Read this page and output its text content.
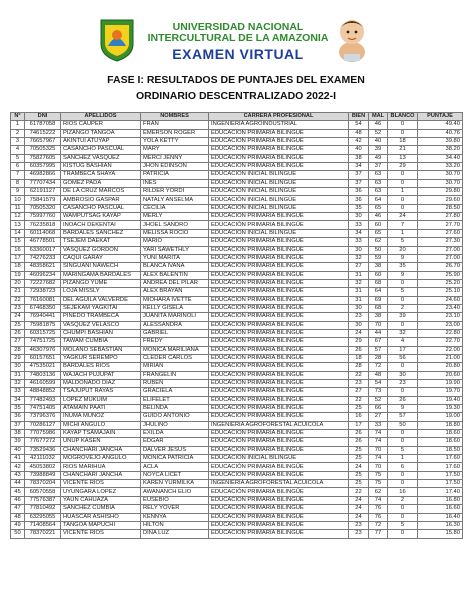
UNIVERSIDAD NACIONAL INTERCULTURAL DE LA AMAZONIA
EXAMEN VIRTUAL
FASE I: RESULTADOS DE PUNTAJES DEL EXAMEN
ORDINARIO DESCENTRALIZADO 2022-I
N°	DNI	APELLIDOS	NOMBRES	CARRERA PROFESIONAL	BIEN	MAL	BLANCO	PUNTAJE
1	61787058	RIOS CAUPER	FRAN	INGENIERÍA AGROINDUSTRIAL	54	46	0	49.40
2	74615222	PIZANGO TANGOA	EMERSON ROGER	EDUCACIÓN PRIMARIA BILINGÜE	48	52	0	40.76
3	76657967	AKINTUI ATUYAP	YOLA KETTY	EDUCACIÓN PRIMARIA BILINGÜE	42	40	18	39.80
4	70505325	CASANCHO PASCUAL	MARY	EDUCACIÓN PRIMARIA BILINGÜE	40	39	21	38.20
5	75827605	SANCHEZ VASQUEZ	MERCI JENNY	EDUCACIÓN PRIMARIA BILINGÜE	38	49	13	34.40
6	60357995	KISTUG BASHIAN	JHON EDINSON	EDUCACIÓN PRIMARIA BILINGÜE	34	37	29	33.20
7	46982866	TRAMBECA SHAYA	PATRICIA	EDUCACIÓN INICIAL BILINGÜE	37	63	0	30.70
8	77707434	GOMEZ PADA	INES	EDUCACIÓN INICIAL BILINGÜE	37	63	0	30.70
9	62191127	DE LA CRUZ MARCOS	RILDER YORDI	EDUCACIÓN INICIAL BILINGÜE	36	63	1	29.80
10	75841579	AMBROSIO GASPAR	NATALY ANSELMA	EDUCACIÓN INICIAL BILINGÜE	36	64	0	29.60
11	70505320	CASANCHO PASCUAL	CECILIA	EDUCACIÓN INICIAL BILINGÜE	35	65	0	28.50
12	75997760	WAMPUTSAG KAYAP	MERLY	EDUCACIÓN PRIMARIA BILINGÜE	30	46	24	27.80
13	76235818	INOACH DEKENTAI	JHOEL SANDRO	EDUCACIÓN PRIMARIA BILINGÜE	33	60	7	27.70
14	60114068	BARDALES SANCHEZ	MELISSA ROCIO	EDUCACIÓN INICIAL BILINGÜE	34	65	1	27.60
15	46778501	TSEJEM DAEKAT	MARIO	EDUCACIÓN PRIMARIA BILINGÜE	33	62	5	27.30
16	63360017	VASQUEZ GORDON	YARI SAWETHLY	EDUCACIÓN PRIMARIA BILINGÜE	30	50	20	27.00
17	74276233	CAQUI GARAY	YUNI MARITA	EDUCACIÓN PRIMARIA BILINGÜE	32	59	9	27.00
18	48358621	SINGUANI NAWECH	BLANCA IVANA	EDUCACIÓN PRIMARIA BILINGÜE	27	38	35	26.70
19	46096234	MARINGAMA BARDALES	ALEX BALENTIN	EDUCACIÓN PRIMARIA BILINGÜE	31	60	9	25.90
20	72227682	PIZANGO YUME	ANDREA DEL PILAR	EDUCACIÓN PRIMARIA BILINGÜE	32	68	0	25.20
21	72938723	LOJA MISSLY	ALEX BRAYAN	EDUCACIÓN PRIMARIA BILINGÜE	31	64	5	25.10
22	76160081	DEL AGUILA VALVERDE	MIOHARA IVETTE	EDUCACIÓN PRIMARIA BILINGÜE	31	69	0	24.60
23	67468350	SEJEKAM YAGKITAI	KELLY GISELA	EDUCACIÓN PRIMARIA BILINGÜE	30	68	2	23.40
24	76940441	PINEDO TRAMBECA	JUANITA MARINOLI	EDUCACIÓN PRIMARIA BILINGÜE	23	38	39	23.10
25	75981875	VASQUEZ VELASCO	ALESSANDRA	EDUCACIÓN PRIMARIA BILINGÜE	30	70	0	23.00
26	60315725	CHUMPI BASHIAN	GABRIEL	EDUCACIÓN PRIMARIA BILINGÜE	24	44	32	22.80
27	74751725	TAWAM CUMBIA	FREDY	EDUCACIÓN PRIMARIA BILINGÜE	29	67	4	22.70
28	46307976	MOLANO SEBASTIAN	MONICA MARILIANA	EDUCACIÓN PRIMARIA BILINGÜE	26	57	17	22.00
29	60157651	YAGKUR SEREMPO	CLEDER CARLOS	EDUCACIÓN PRIMARIA BILINGÜE	18	28	56	21.00
30	47535021	BARDALES RIOS	MIRIAN	EDUCACIÓN PRIMARIA BILINGÜE	28	72	0	20.80
31	74803136	WAJACH PUJUPAT	FRANGELIN	EDUCACIÓN PRIMARIA BILINGÜE	22	48	30	20.60
32	46160599	MALDONADO DIAZ	RUBEN	EDUCACIÓN PRIMARIA BILINGÜE	23	54	23	19.90
33	48848852	TSAJUPUT RAYAS	GRACIELA	EDUCACIÓN PRIMARIA BILINGÜE	27	73	0	19.70
34	77482493	LOPEZ MUKUIM	ELIFELET	EDUCACIÓN PRIMARIA BILINGÜE	22	52	26	19.40
35	74751405	ATAMAIN PAATI	BELINDA	EDUCACIÓN PRIMARIA BILINGÜE	25	66	9	19.30
36	73796376	INUMA MUÑOZ	GUIDO ANTONIO	EDUCACIÓN PRIMARIA BILINGÜE	16	27	57	19.00
37	70286127	MICHI ANGULO	JHULINO	INGENIERÍA AGROFORESTAL ACUÍCOLA	17	33	50	18.80
38	77075986	KAYAP TSAMAJAIN	EXILDA	EDUCACIÓN PRIMARIA BILINGÜE	26	74	0	18.60
39	77677272	UNUP KASEN	EDGAR	EDUCACIÓN PRIMARIA BILINGÜE	26	74	0	18.60
40	73529436	CHANCHARI JANCHA	DALVER JESÚS	EDUCACIÓN PRIMARIA BILINGÜE	25	70	5	18.50
41	42111032	MOGROVEJO ANGULO	MONICA PATRICIA	EDUCACIÓN INICIAL BILINGÜE	25	74	1	17.60
42	45053802	RIOS MARIHUA	ACLA	EDUCACIÓN PRIMARIA BILINGÜE	24	70	6	17.60
43	73988849	CHANCHARI JANCHA	NOYCA LICET	EDUCACIÓN PRIMARIA BILINGÜE	25	75	0	17.50
44	78370204	VICENTE RIOS	KAREN YURMILKA	INGENIERÍA AGROFORESTAL ACUÍCOLA	25	75	0	17.50
45	60570558	UYUNGARA LOPEZ	AWANANCH ELIO	EDUCACIÓN PRIMARIA BILINGÜE	22	62	16	17.40
46	77576387	YAUN CAHUAZA	EUSEBIO	EDUCACIÓN PRIMARIA BILINGÜE	24	74	2	16.80
47	77810492	SANCHEZ CUMBIA	RELY YOVER	EDUCACIÓN PRIMARIA BILINGÜE	24	76	0	16.60
48	63295055	HUASCAR ASHISHO	KENNYA	EDUCACIÓN PRIMARIA BILINGÜE	24	76	0	16.40
49	71408564	TANGOA MAPUCHI	HILTON	EDUCACIÓN PRIMARIA BILINGÜE	23	72	5	16.30
50	78370221	VICENTE RIOS	DINA LUZ	EDUCACIÓN PRIMARIA BILINGÜE	23	77	0	15.80
